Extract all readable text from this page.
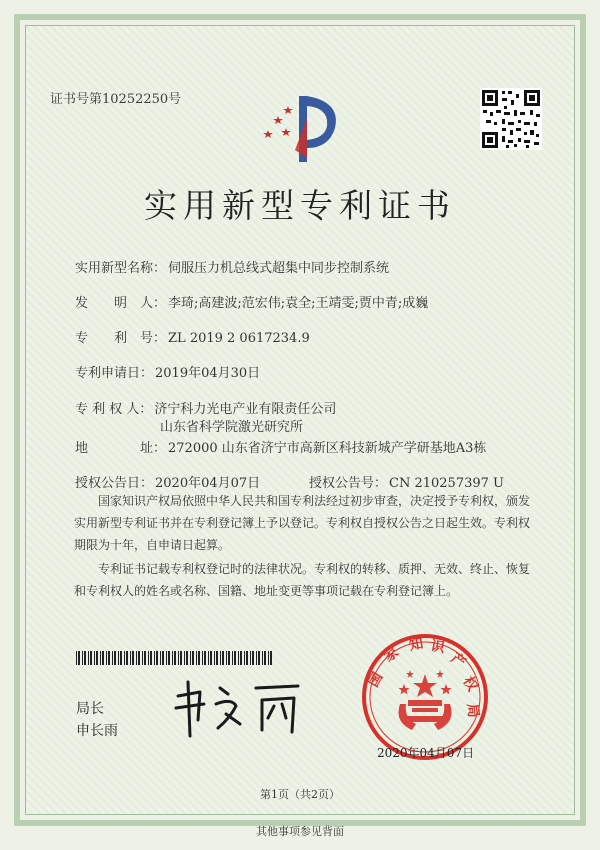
证书号第10252250号
实用新型专利证书
实用新型名称： 伺服压力机总线式超集中同步控制系统
发　　明　人： 李琦;高建波;范宏伟;袁全;王靖雯;贾中青;成巍
专　　利　号： ZL 2019 2 0617234.9
专利申请日： 2019年04月30日
专 利 权 人： 济宁科力光电产业有限责任公司
山东省科学院激光研究所
地　　　　址： 272000 山东省济宁市高新区科技新城产学研基地A3栋
授权公告日： 2020年04月07日	授权公告号： CN 210257397 U
国家知识产权局依照中华人民共和国专利法经过初步审查，决定授予专利权，颁发实用新型专利证书并在专利登记簿上予以登记。专利权自授权公告之日起生效。专利权期限为十年，自申请日起算。
专利证书记载专利权登记时的法律状况。专利权的转移、质押、无效、终止、恢复和专利权人的姓名或名称、国籍、地址变更等事项记载在专利登记簿上。
局长
申长雨
国
家 知 识
产
权
局
2020年04月07日
第1页（共2页）
其他事项参见背面
